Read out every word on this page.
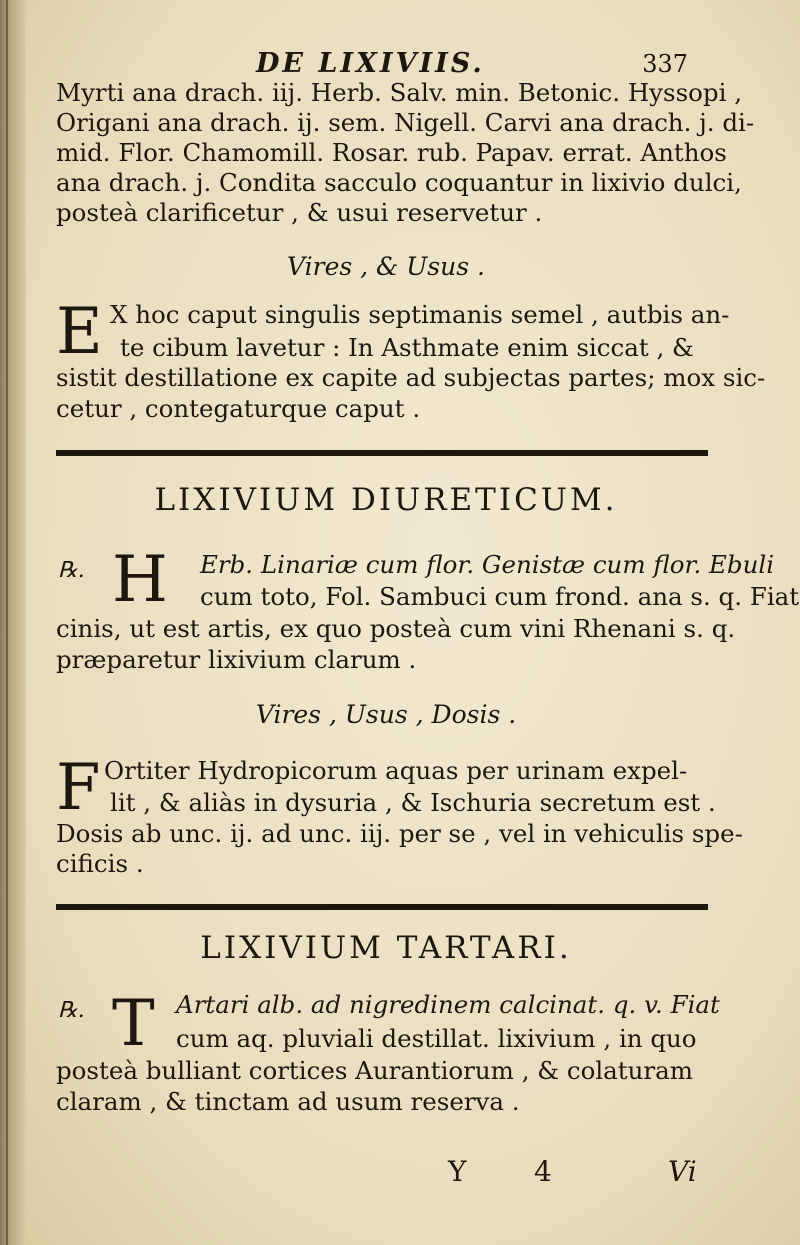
DE LIXIVIIS.	337
Myrti ana drach. iij. Herb. Salv. min. Betonic. Hyssopi ,
Origani ana drach. ij. sem. Nigell. Carvi ana drach. j. di-
mid. Flor. Chamomill. Rosar. rub. Papav. errat. Anthos
ana drach. j. Condita sacculo coquantur in lixivio dulci,
posteà clarificetur , & usui reservetur .
Vires , & Usus .
E X hoc caput singulis septimanis semel , autbis an-
te cibum lavetur : In Asthmate enim siccat , &
sistit destillatione ex capite ad subjectas partes; mox sic-
cetur , contegaturque caput .
LIXIVIUM DIURETICUM.
℞. H Erb. Linariæ cum flor. Genistæ cum flor. Ebuli
cum toto, Fol. Sambuci cum frond. ana s. q. Fiat
cinis, ut est artis, ex quo posteà cum vini Rhenani s. q.
præparetur lixivium clarum .
Vires , Usus , Dosis .
F Ortiter Hydropicorum aquas per urinam expel-
lit , & aliàs in dysuria , & Ischuria secretum est .
Dosis ab unc. ij. ad unc. iij. per se , vel in vehiculis spe-
cificis .
LIXIVIUM TARTARI.
℞. T Artari alb. ad nigredinem calcinat. q. v. Fiat
cum aq. pluviali destillat. lixivium , in quo
posteà bulliant cortices Aurantiorum , & colaturam
claram , & tinctam ad usum reserva .
Y 4	Vi
